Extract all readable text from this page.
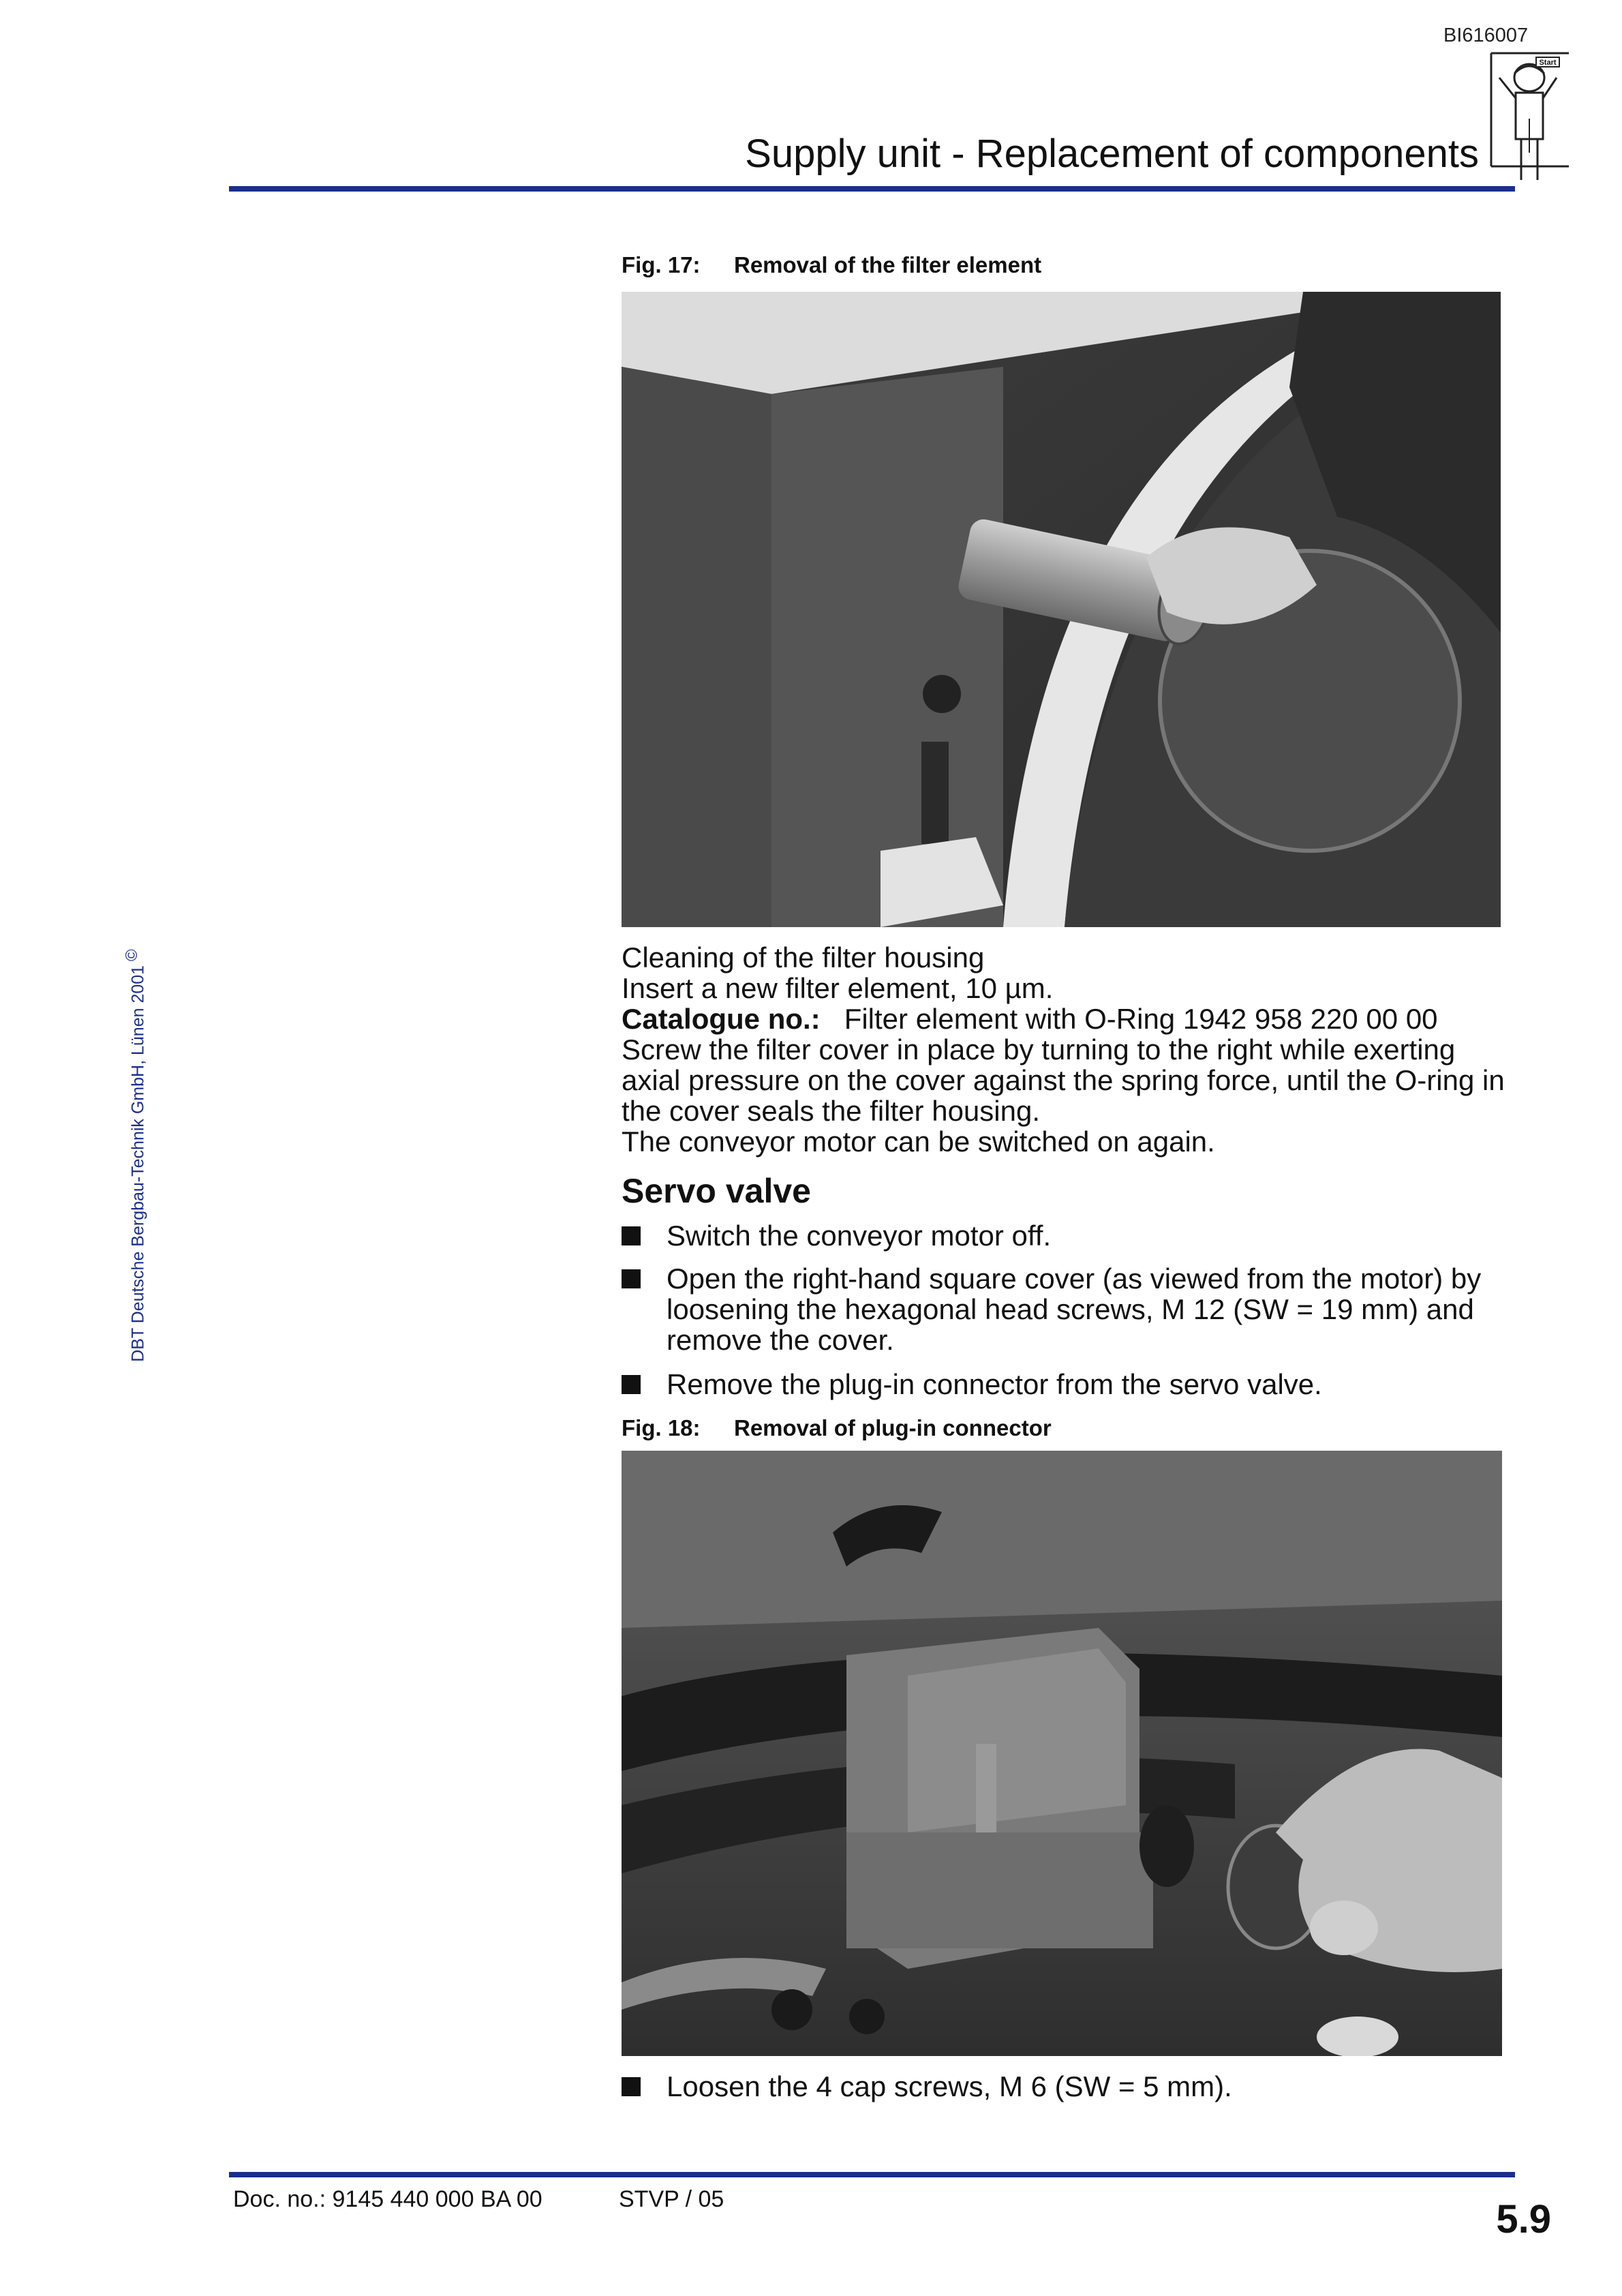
BI616007
Start
Supply unit - Replacement of components
DBT Deutsche Bergbau-Technik GmbH, Lünen 2001©
Fig. 17: Removal of the filter element

Cleaning of the filter housing

Insert a new filter element, 10 µm.

Catalogue no.: Filter element with O-Ring 1942 958 220 00 00

Screw the filter cover in place by turning to the right while exerting axial pressure on the cover against the spring force, until the O-ring in the cover seals the filter housing.

The conveyor motor can be switched on again.

Servo valve
Switch the conveyor motor off.
Open the right-hand square cover (as viewed from the motor) by loosening the hexagonal head screws, M 12 (SW = 19 mm) and remove the cover.
Remove the plug-in connector from the servo valve.
Fig. 18: Removal of plug-in connector
Loosen the 4 cap screws, M 6 (SW = 5 mm).
Doc. no.: 9145 440 000 BA 00	STVP / 05	5.9
